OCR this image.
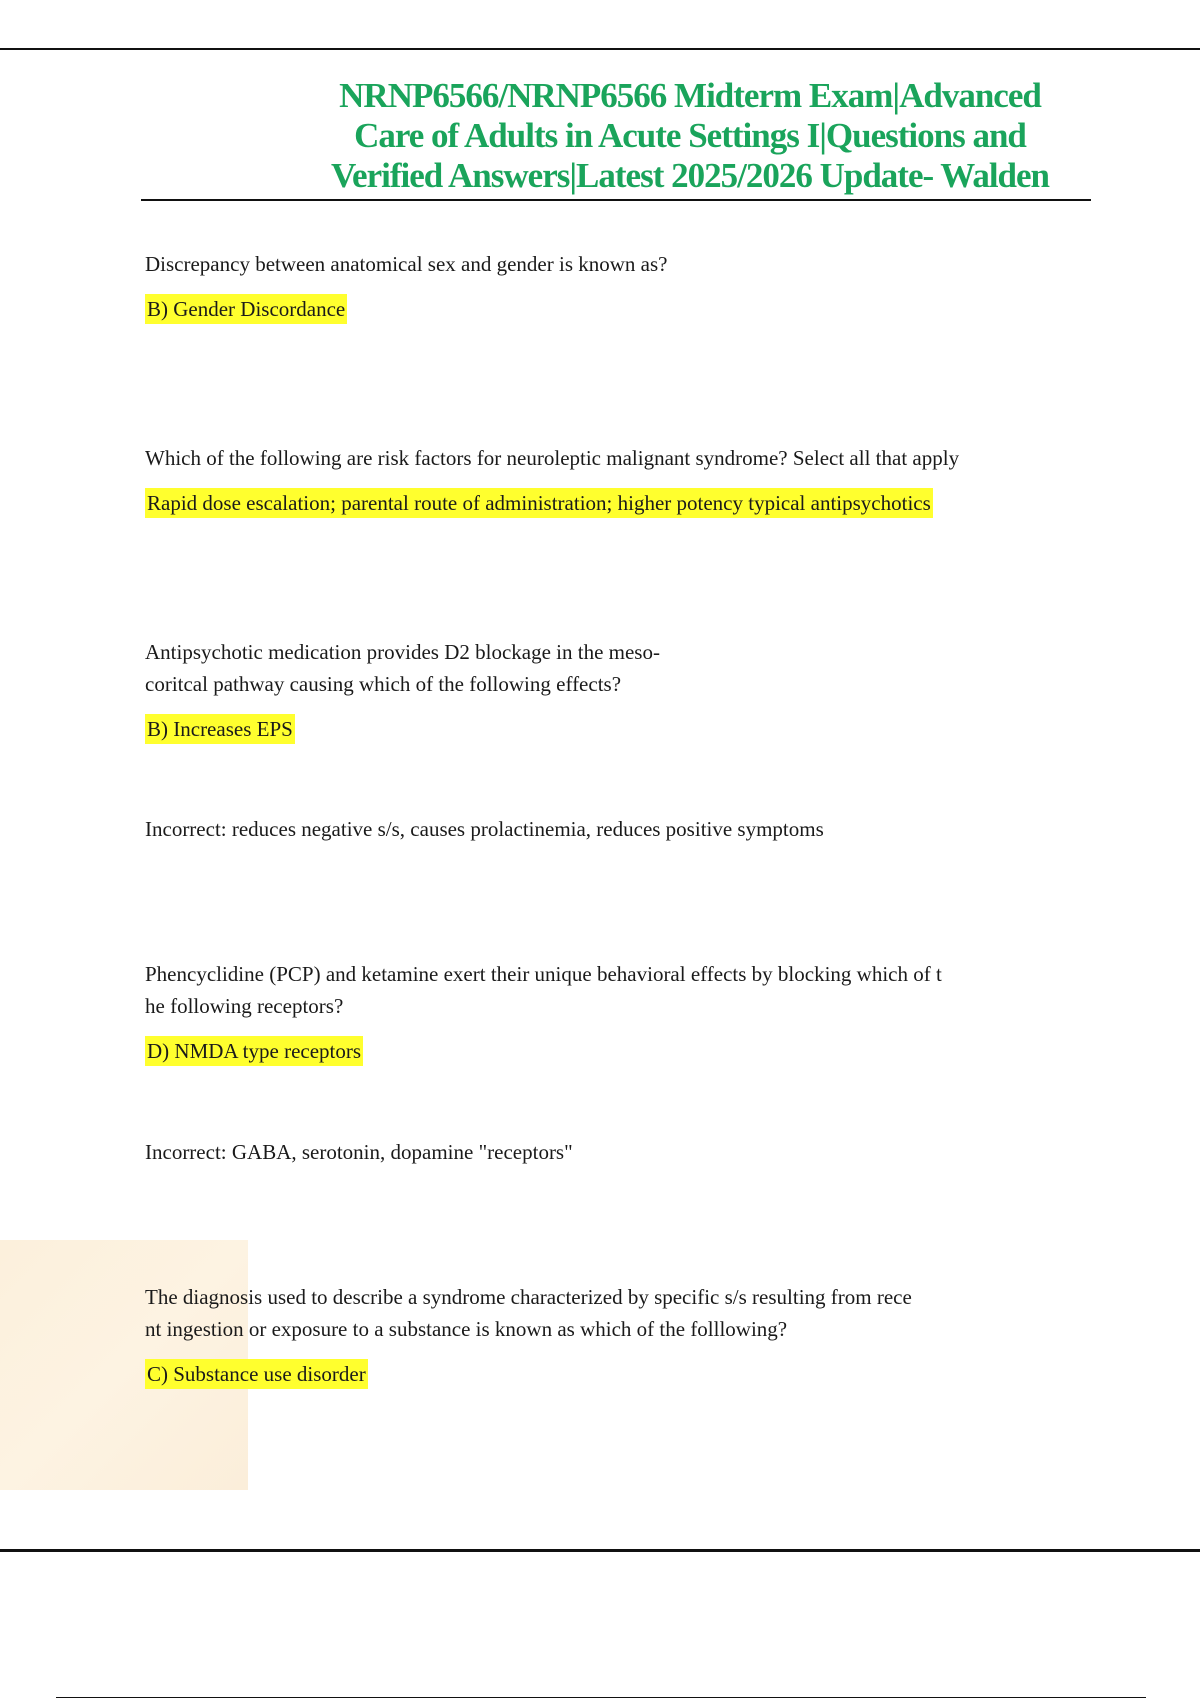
NRNP6566/NRNP6566 Midterm Exam|Advanced
Care of Adults in Acute Settings I|Questions and
Verified Answers|Latest 2025/2026 Update- Walden

Discrepancy between anatomical sex and gender is known as?

B) Gender Discordance

Which of the following are risk factors for neuroleptic malignant syndrome? Select all that apply

Rapid dose escalation; parental route of administration; higher potency typical antipsychotics

Antipsychotic medication provides D2 blockage in the meso-

coritcal pathway causing which of the following effects?

B) Increases EPS
Incorrect: reduces negative s/s, causes prolactinemia, reduces positive symptoms

Phencyclidine (PCP) and ketamine exert their unique behavioral effects by blocking which of t

he following receptors?

D) NMDA type receptors
Incorrect: GABA, serotonin, dopamine "receptors"

The diagnosis used to describe a syndrome characterized by specific s/s resulting from rece

nt ingestion or exposure to a substance is known as which of the folllowing?

C) Substance use disorder
